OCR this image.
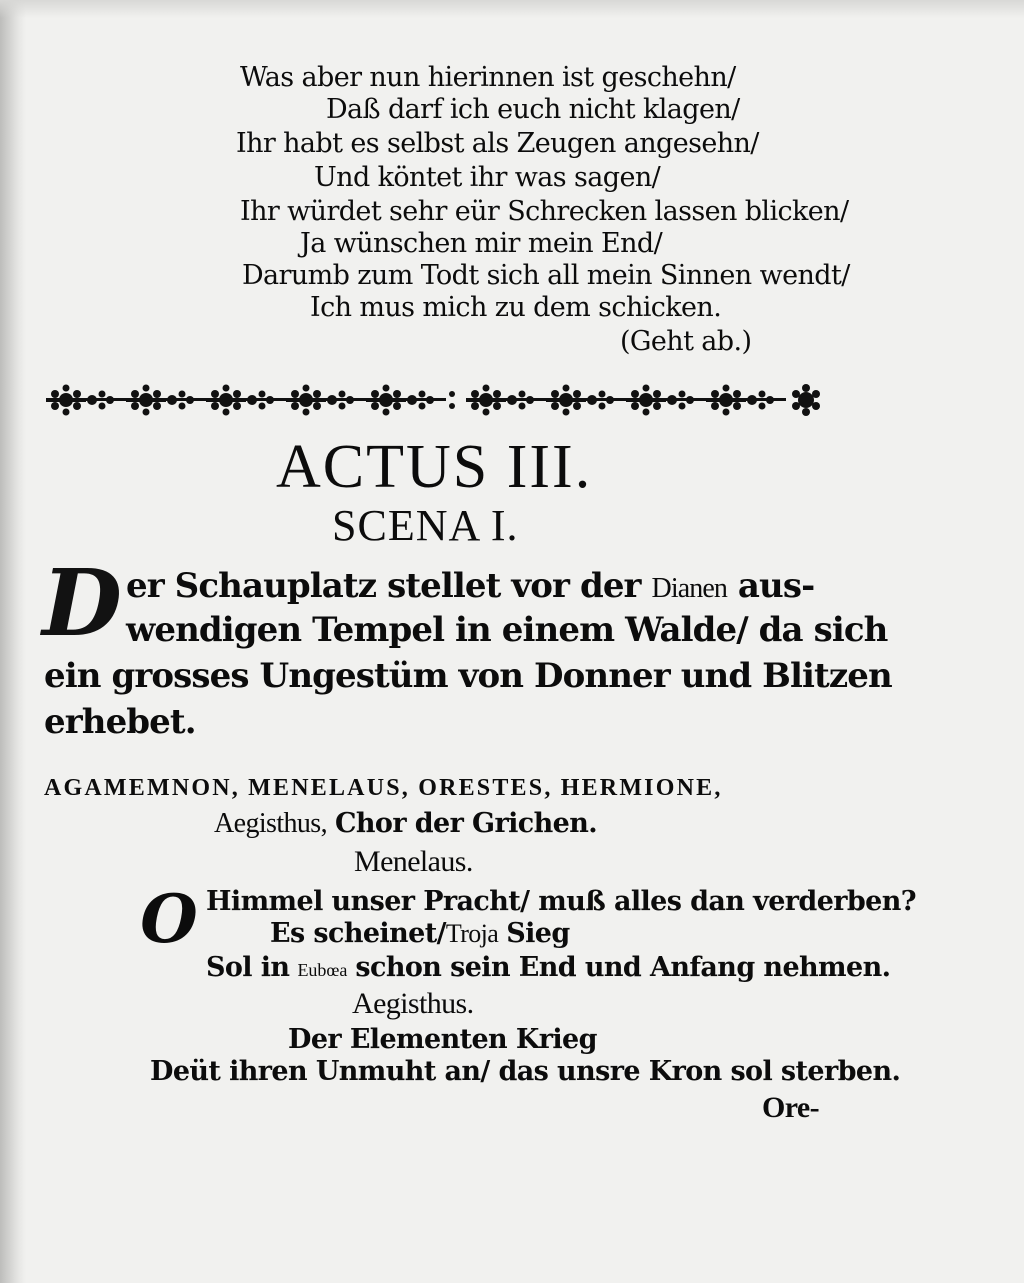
Was aber nun hierinnen ist geschehn/
Daß darf ich euch nicht klagen/
Ihr habt es selbst als Zeugen angesehn/
Und köntet ihr was sagen/
Ihr würdet sehr eür Schrecken lassen blicken/
Ja wünschen mir mein End/
Darumb zum Todt sich all mein Sinnen wendt/
Ich mus mich zu dem schicken.
(Geht ab.)
ACTUS III.
SCENA I.
D er Schauplatz stellet vor der Dianen aus-
wendigen Tempel in einem Walde/ da sich
ein grosses Ungestüm von Donner und Blitzen
erhebet.
AGAMEMNON, MENELAUS, ORESTES, HERMIONE,
Aegisthus, Chor der Grichen.
Menelaus.
O Himmel unser Pracht/ muß alles dan verderben?
Es scheinet/Troja Sieg
Sol in Eubœa schon sein End und Anfang nehmen.
Aegisthus.
Der Elementen Krieg
Deüt ihren Unmuht an/ das unsre Kron sol sterben.
Ore-
